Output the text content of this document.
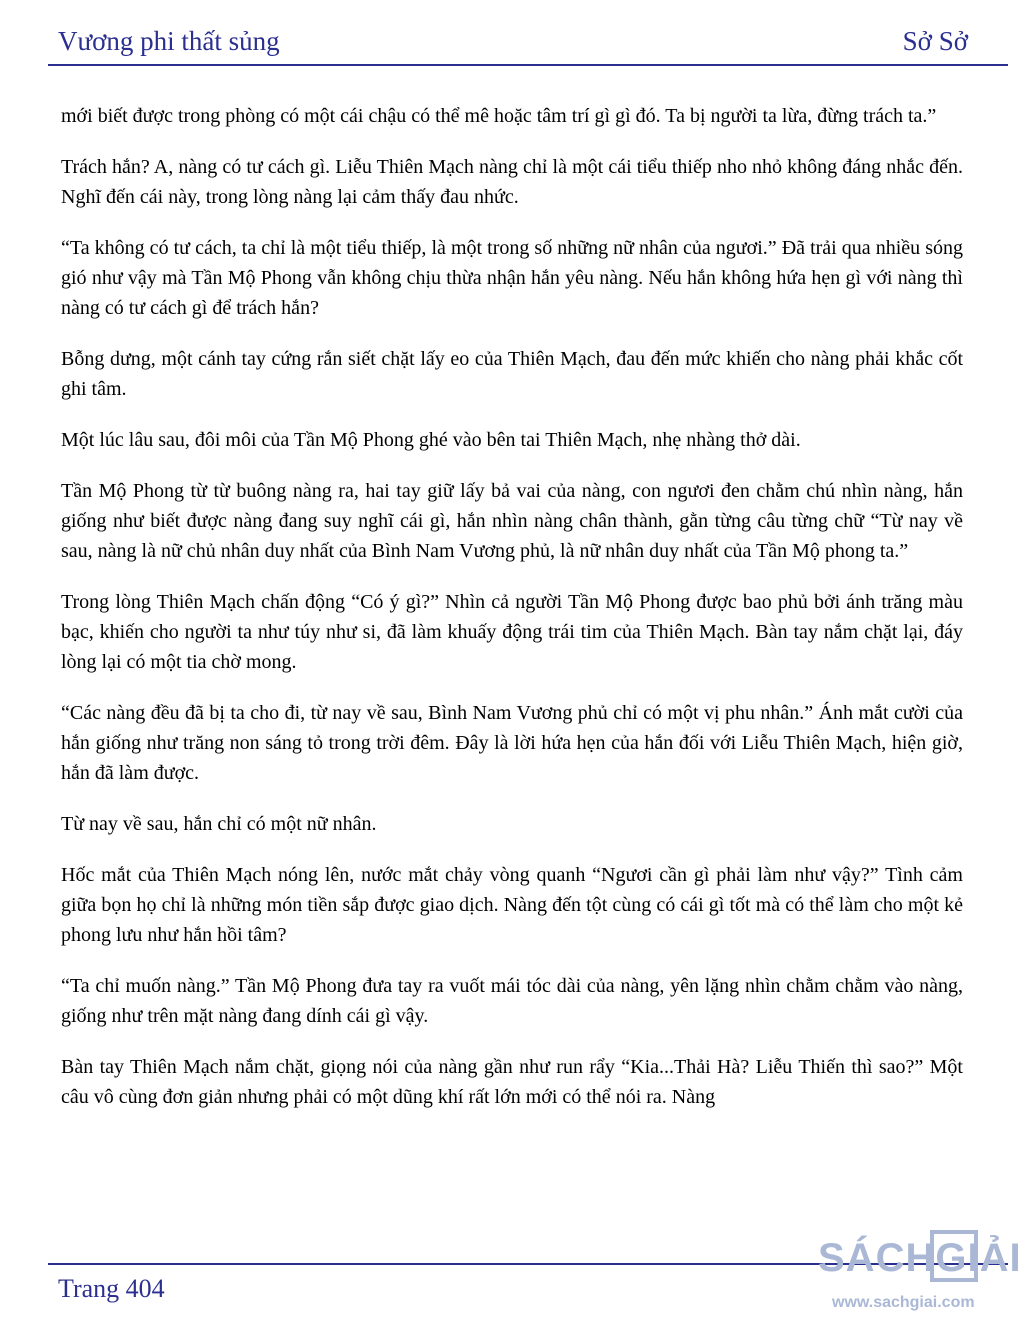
Vương phi thất sủng	Sở Sở

mới biết được trong phòng có một cái chậu có thể mê hoặc tâm trí gì gì đó. Ta bị người ta lừa, đừng trách ta.”

Trách hắn? A, nàng có tư cách gì. Liễu Thiên Mạch nàng chỉ là một cái tiểu thiếp nho nhỏ không đáng nhắc đến. Nghĩ đến cái này, trong lòng nàng lại cảm thấy đau nhức.

“Ta không có tư cách, ta chỉ là một tiểu thiếp, là một trong số những nữ nhân của ngươi.” Đã trải qua nhiều sóng gió như vậy mà Tần Mộ Phong vẫn không chịu thừa nhận hắn yêu nàng. Nếu hắn không hứa hẹn gì với nàng thì nàng có tư cách gì để trách hắn?

Bỗng dưng, một cánh tay cứng rắn siết chặt lấy eo của Thiên Mạch, đau đến mức khiến cho nàng phải khắc cốt ghi tâm.

Một lúc lâu sau, đôi môi của Tần Mộ Phong ghé vào bên tai Thiên Mạch, nhẹ nhàng thở dài.

Tần Mộ Phong từ từ buông nàng ra, hai tay giữ lấy bả vai của nàng, con ngươi đen chằm chú nhìn nàng, hắn giống như biết được nàng đang suy nghĩ cái gì, hắn nhìn nàng chân thành, gằn từng câu từng chữ “Từ nay về sau, nàng là nữ chủ nhân duy nhất của Bình Nam Vương phủ, là nữ nhân duy nhất của Tần Mộ phong ta.”

Trong lòng Thiên Mạch chấn động “Có ý gì?” Nhìn cả người Tần Mộ Phong được bao phủ bởi ánh trăng màu bạc, khiến cho người ta như túy như si, đã làm khuấy động trái tim của Thiên Mạch. Bàn tay nắm chặt lại, đáy lòng lại có một tia chờ mong.

“Các nàng đều đã bị ta cho đi, từ nay về sau, Bình Nam Vương phủ chỉ có một vị phu nhân.” Ánh mắt cười của hắn giống như trăng non sáng tỏ trong trời đêm. Đây là lời hứa hẹn của hắn đối với Liễu Thiên Mạch, hiện giờ, hắn đã làm được.

Từ nay về sau, hắn chỉ có một nữ nhân.

Hốc mắt của Thiên Mạch nóng lên, nước mắt chảy vòng quanh “Ngươi cần gì phải làm như vậy?” Tình cảm giữa bọn họ chỉ là những món tiền sắp được giao dịch. Nàng đến tột cùng có cái gì tốt mà có thể làm cho một kẻ phong lưu như hắn hồi tâm?

“Ta chỉ muốn nàng.” Tần Mộ Phong đưa tay ra vuốt mái tóc dài của nàng, yên lặng nhìn chằm chằm vào nàng, giống như trên mặt nàng đang dính cái gì vậy.

Bàn tay Thiên Mạch nắm chặt, giọng nói của nàng gần như run rẩy “Kia...Thải Hà? Liễu Thiến thì sao?” Một câu vô cùng đơn giản nhưng phải có một dũng khí rất lớn mới có thể nói ra. Nàng

Trang 404
SÁCHGIẢI
www.sachgiai.com
